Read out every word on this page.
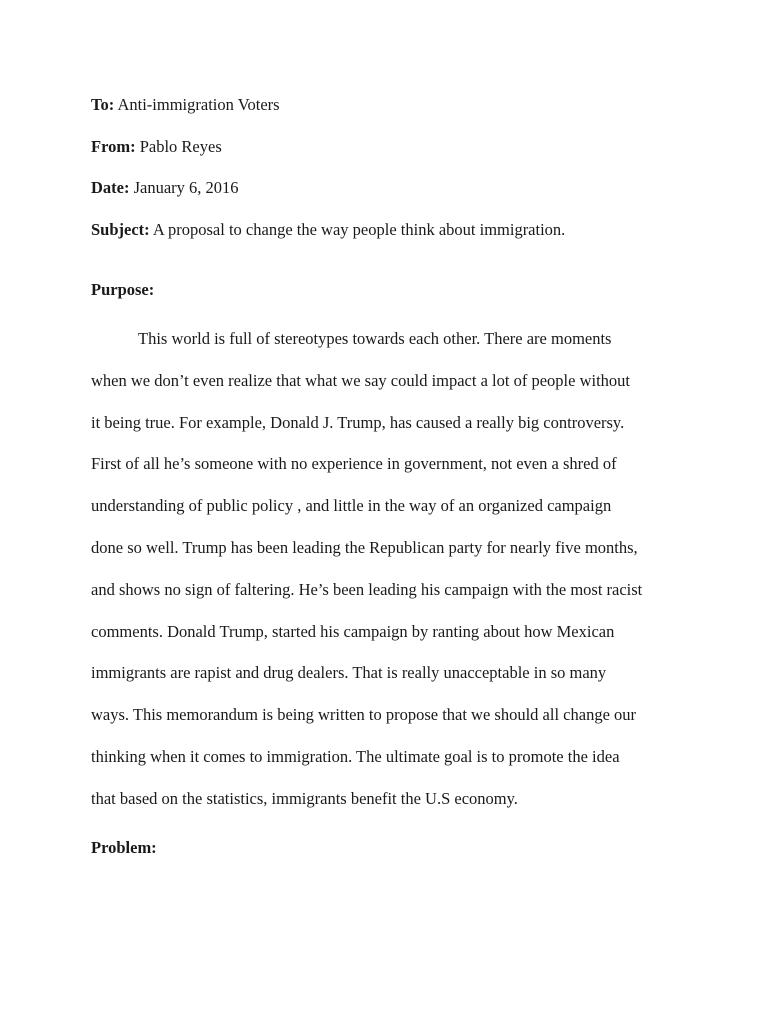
To: Anti-immigration Voters
From: Pablo Reyes
Date: January 6, 2016
Subject: A proposal to change the way people think about immigration.
Purpose:
This world is full of stereotypes towards each other. There are moments
when we don’t even realize that what we say could impact a lot of people without
it being true. For example, Donald J. Trump, has caused a really big controversy.
First of all he’s someone with no experience in government, not even a shred of
understanding of public policy , and little in the way of an organized campaign
done so well. Trump has been leading the Republican party for nearly five months,
and shows no sign of faltering. He’s been leading his campaign with the most racist
comments. Donald Trump, started his campaign by ranting about how Mexican
immigrants are rapist and drug dealers. That is really unacceptable in so many
ways. This memorandum is being written to propose that we should all change our
thinking when it comes to immigration. The ultimate goal is to promote the idea
that based on the statistics, immigrants benefit the U.S economy.
Problem:
